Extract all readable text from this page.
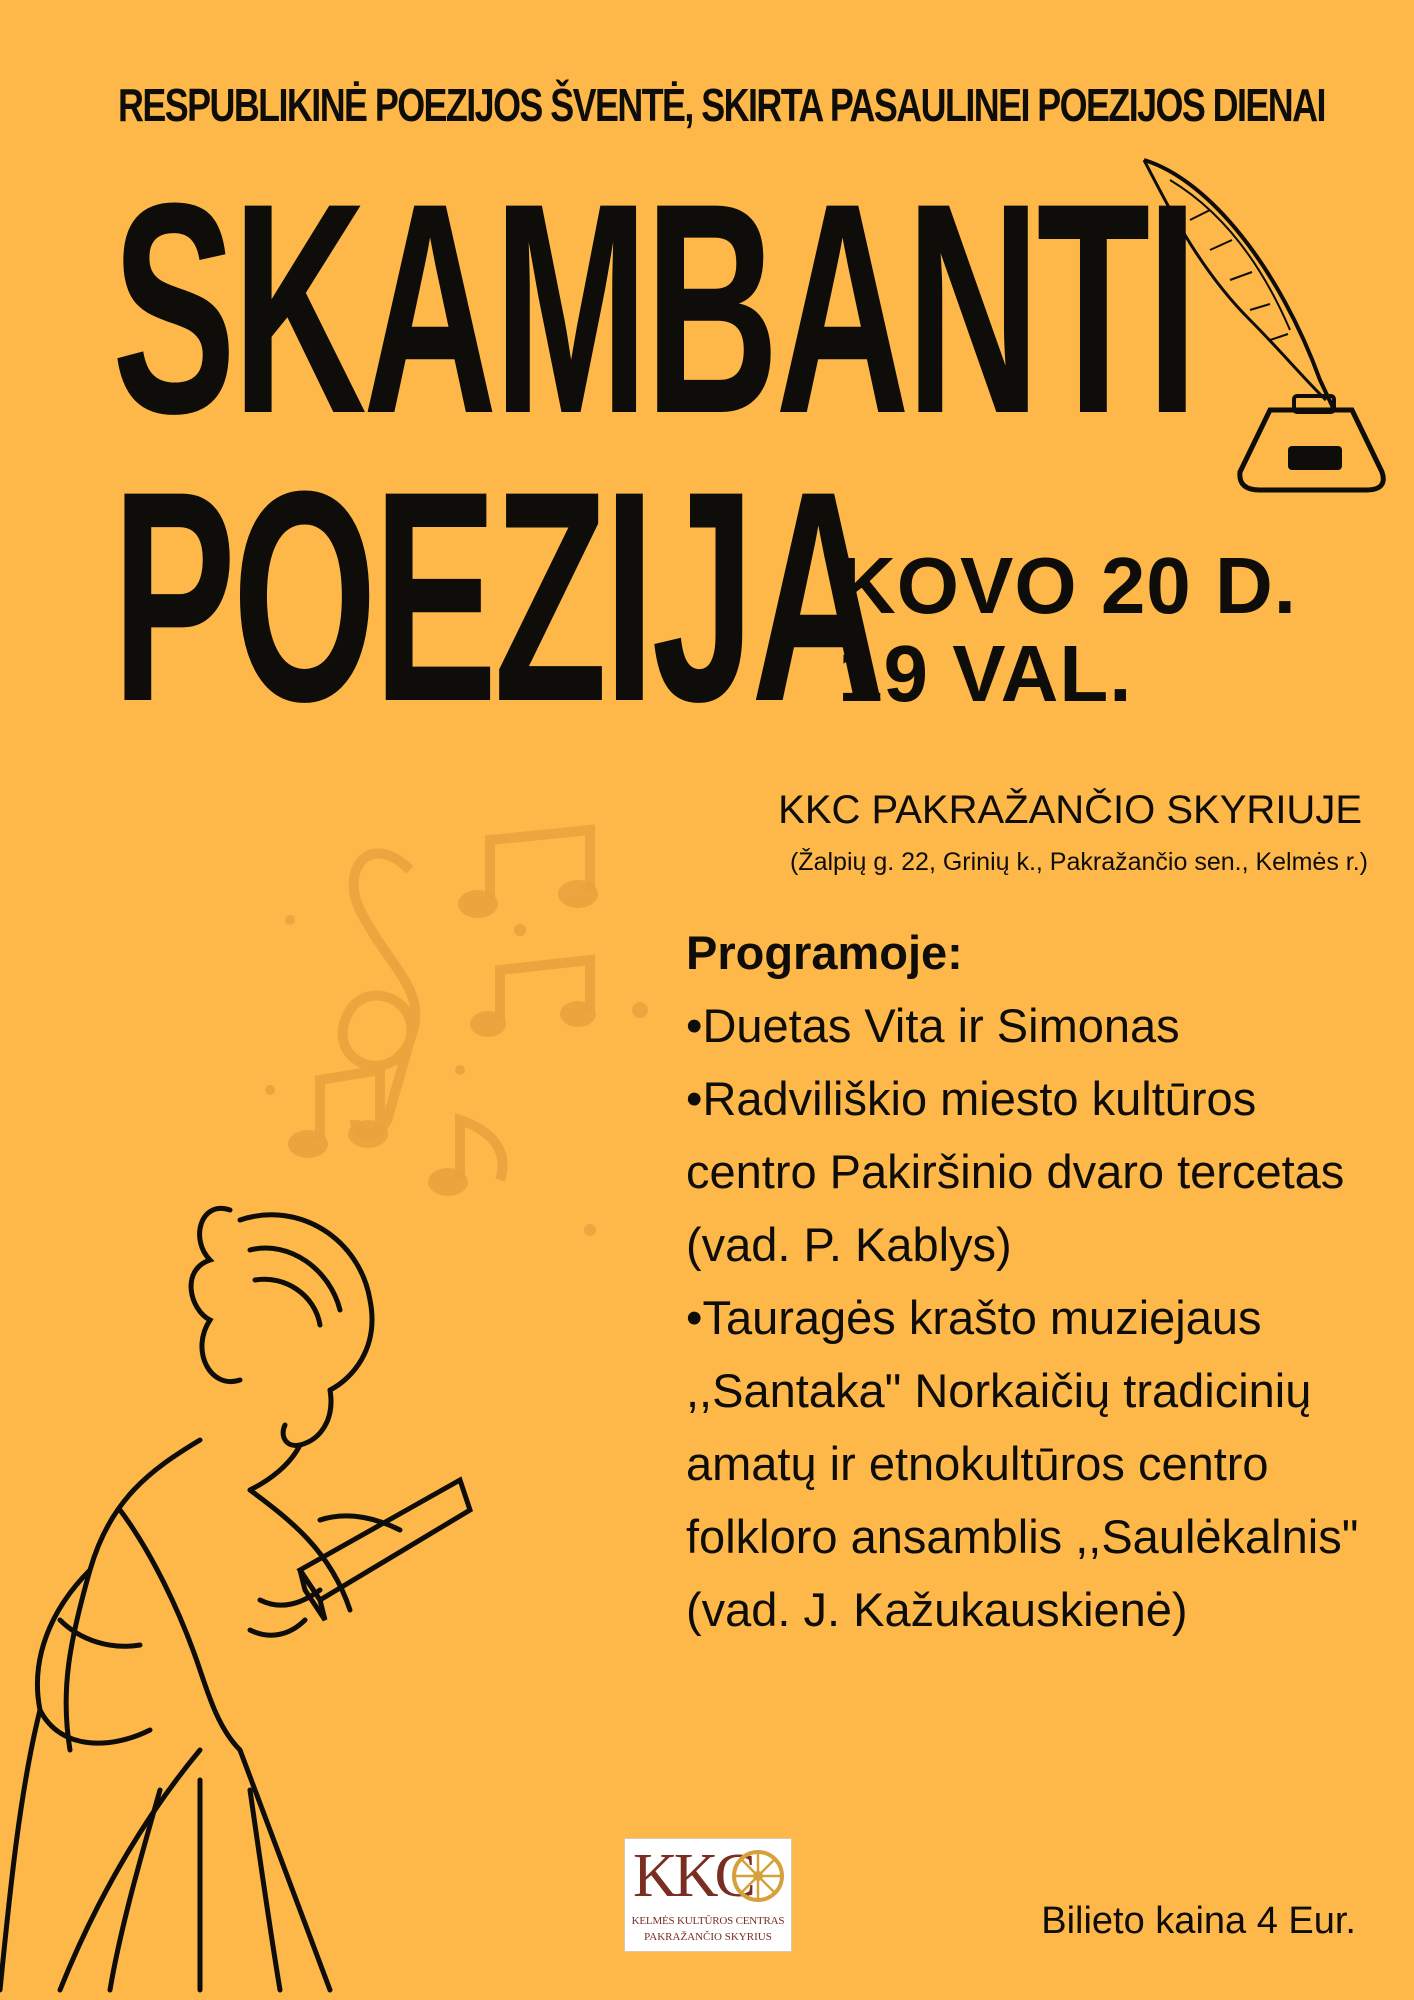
RESPUBLIKINĖ POEZIJOS ŠVENTĖ, SKIRTA PASAULINEI POEZIJOS DIENAI
SKAMBANTI
POEZIJA
KOVO 20 D.
19 VAL.
KKC PAKRAŽANČIO SKYRIUJE
(Žalpių g. 22, Grinių k., Pakražančio sen., Kelmės r.)
Programoje:
•Duetas Vita ir Simonas
•Radviliškio miesto kultūros centro Pakiršinio dvaro tercetas (vad. P. Kablys)
•Tauragės krašto muziejaus ,,Santaka" Norkaičių tradicinių amatų ir etnokultūros centro folkloro ansamblis ,,Saulėkalnis" (vad. J. Kažukauskienė)
KKC
KELMĖS KULTŪROS CENTRAS
PAKRAŽANČIO SKYRIUS	Bilieto kaina 4 Eur.
